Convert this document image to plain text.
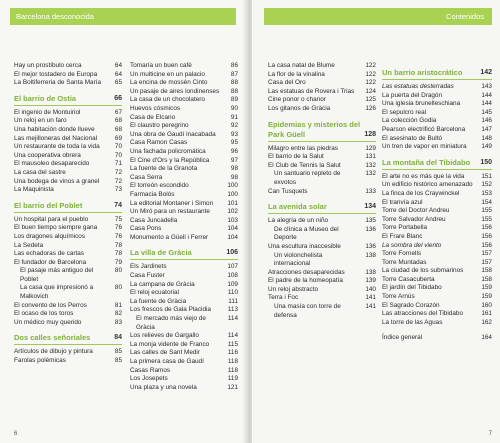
Barcelona desconocida
Hay un prostíbulo cerca	64
El mejor tostadero de Europa	64
La Boltiferreria de Santa María	65
El barrio de Ostia	66
El ingenio de Montuiriol	67
Un reloj en un faro	68
Una habitación donde llueve	68
Las mejilloneras del Nacional	69
Un restaurante de toda la vida	70
Una cooperativa obrera	70
El mausoleo desaparecido	71
La casa del sastre	72
Una bodega de vinos a granel	72
La Maquinista	73
El barrio del Poblet	74
Un hospital para el pueblo	75
El buen tiempo siempre gana	76
Los dragones alquímicos	76
La Sedeta	78
Las echadoras de cartas	78
El fundador de Barcelona	79
El pasaje más antiguo del Poblet
80
La casa que impresionó a Malkovich
80
El convento de los Perros	81
El ocaso de los toros	82
Un médico muy querido	83
Dos calles señoriales	84
Artículos de dibujo y pintura	85
Farolas polémicas	85
Tomaría un buen café	86
Un multicine en un palacio	87
La encina de mossèn Cinto	88
Un pasaje de aires londinenses	88
La casa de un chocolatero	89
Huevos cósmicos	90
Casa de Elcano	91
El claustro peregrino	92
Una obra de Gaudí inacabada	93
Casa Ramon Casas	95
Una fachada policromática	96
El Cine d'Ors y la República	97
La fuente de la Granota	98
Casa Serra	98
El torreón escondido	100
Farmacia Bolós	100
La editorial Montaner i Simon	101
Un Miró para un restaurante	102
Casa Juncadella	103
Casa Pons	104
Monumento a Güell i Ferrer	104
La villa de Gràcia	106
Els Jardinets	107
Casa Fuster	108
La campana de Gràcia	109
El reloj ecuatorial	110
La fuente de Gràcia	111
Los frescos de Gala Placidia	113
El mercado más viejo de Gràcia
114
Los relieves de Gargallo	114
La monja vidente de Franco	115
Las calles de Sant Medir	116
La primera casa de Gaudí	118
Casas Ramos	118
Los Josepets	119
Una plaza y una novela	121
6
Contenidos
La casa natal de Blume	122
La flor de la vinalina	122
Casa del Oro	122
Las estatuas de Rovera i Trias	124
Cine ponor o chanor	125
Los gitanos de Gràcia	126
Epidemias y misterios del Park Güell	128
Milagro entre las piedras	129
El barrio de la Salut	131
El Club de Tennis la Salut	132
Un santuario repleto de exvotos
132
Can Tusquets	133
La avenida solar	134
La alegría de un niño	135
De clínica a Museo del Deporte
136
Una escultura inaccesible	136
Un violonchelista internacional
138
Atracciones desaparecidas	138
El padre de la homeopatía	139
Un reloj abstracto	140
Terra i Foc	141
Una masía con torre de defensa
141
Un barrio aristocrático	142
Las estatuas desterradas	143
La puerta del Dragón	144
Una iglesia brunelleschiana	144
El sepulcro real	145
La colección Godia	146
Pearson electrificó Barcelona	147
El asesinato de Bultó	148
Un tren de vapor en miniatura	149
La montaña del Tibidabo	150
El arte no es más que la vida	151
Un edificio histórico amenazado	152
La finca de los Craywinckel	153
El tranvía azul	154
Torre del Doctor Andreu	155
Torre Salvador Andreu	155
Torre Portabella	156
El Frare Blanc	156
La sombra del viento	156
Torre Fornells	157
Torre Muntadas	157
La ciudad de los submarinos	158
Torre Casacuberta	158
El jardín del Tibidabo	159
Torre Arnús	159
El Sagrado Corazón	160
Las atracciones del Tibidabo	161
La torre de las Aguas	162
Índice general	164
7
